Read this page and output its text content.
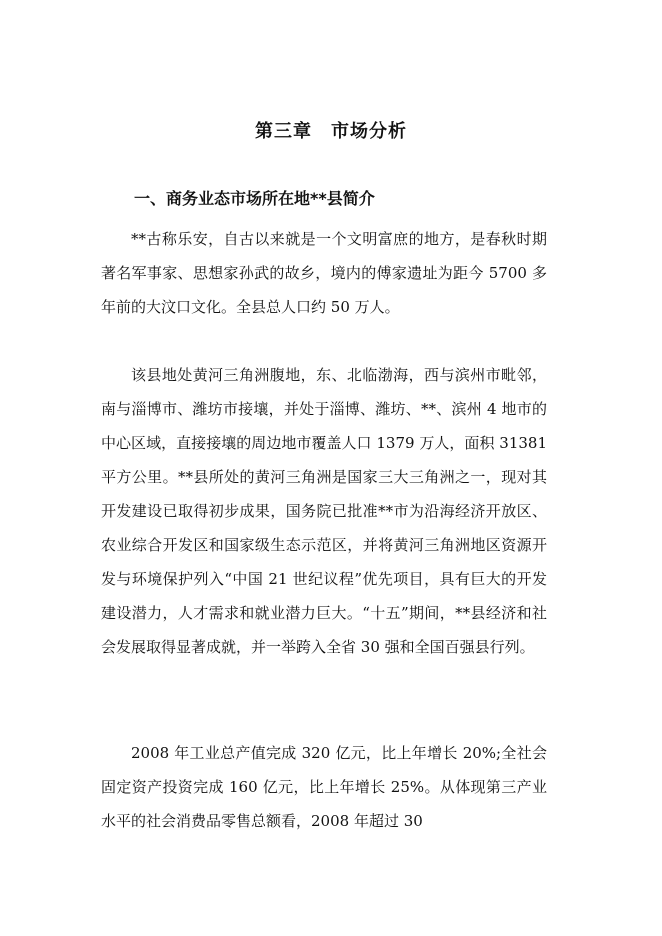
第三章　市场分析
一、商务业态市场所在地**县简介

**古称乐安，自古以来就是一个文明富庶的地方，是春秋时期著名军事家、思想家孙武的故乡，境内的傅家遗址为距今 5700 多年前的大汶口文化。全县总人口约 50 万人。

该县地处黄河三角洲腹地，东、北临渤海，西与滨州市毗邻，南与淄博市、潍坊市接壤，并处于淄博、潍坊、**、滨州 4 地市的中心区域，直接接壤的周边地市覆盖人口 1379 万人，面积 31381 平方公里。**县所处的黄河三角洲是国家三大三角洲之一，现对其开发建设已取得初步成果，国务院已批准**市为沿海经济开放区、农业综合开发区和国家级生态示范区，并将黄河三角洲地区资源开发与环境保护列入“中国 21 世纪议程”优先项目，具有巨大的开发建设潜力，人才需求和就业潜力巨大。“十五”期间，**县经济和社会发展取得显著成就，并一举跨入全省 30 强和全国百强县行列。

2008 年工业总产值完成 320 亿元，比上年增长 20%;全社会固定资产投资完成 160 亿元，比上年增长 25%。从体现第三产业水平的社会消费品零售总额看，2008 年超过 30
